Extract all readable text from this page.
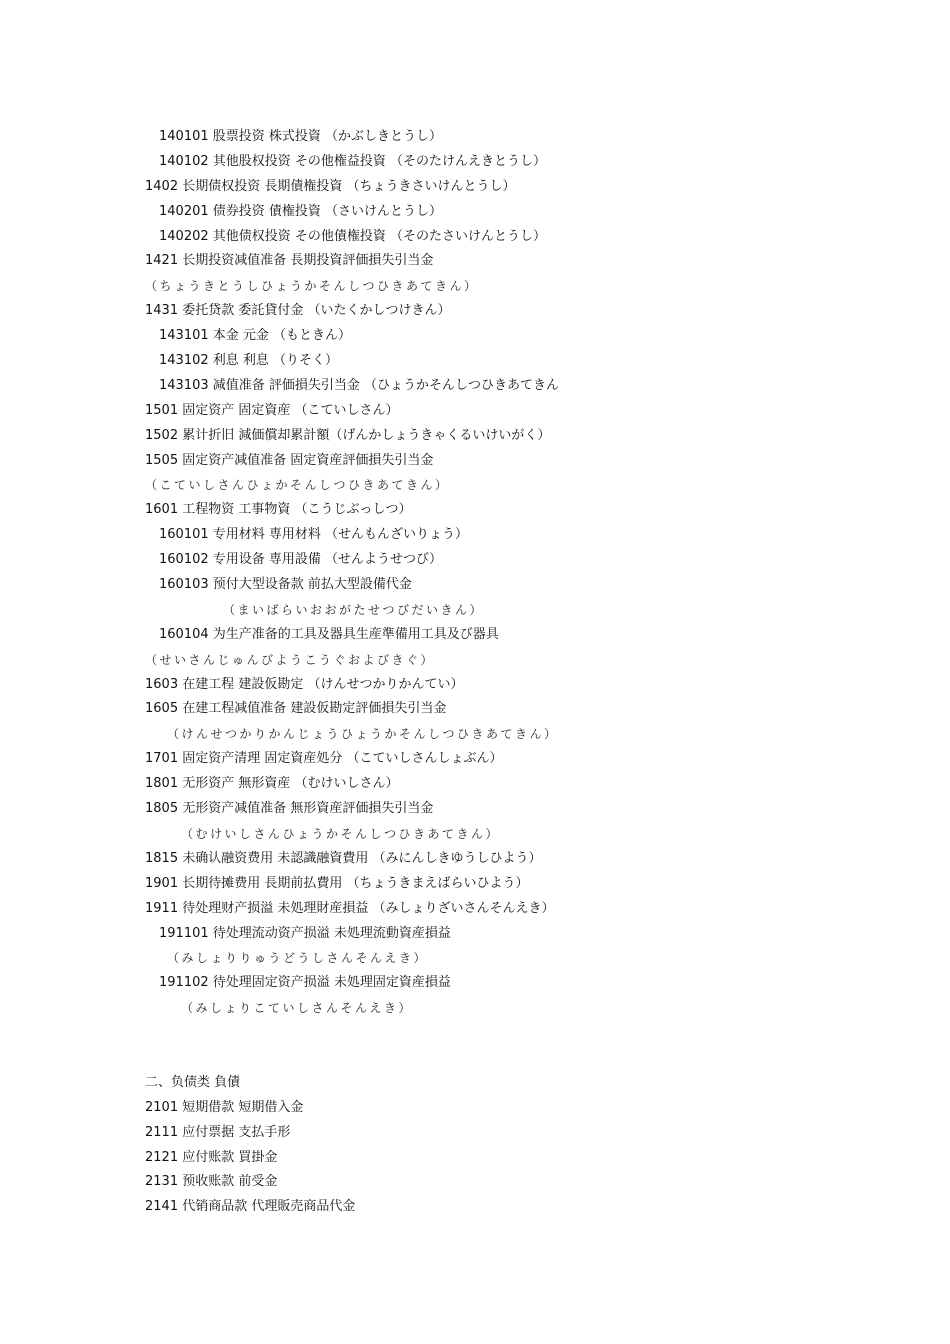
140101 股票投资 株式投資 （かぶしきとうし）
140102 其他股权投资 その他権益投資 （そのたけんえきとうし）
1402 长期债权投资 長期債権投資 （ちょうきさいけんとうし）
140201 债券投资 債権投資 （さいけんとうし）
140202 其他债权投资 その他債権投資 （そのたさいけんとうし）
1421 长期投资减值准备 長期投資評価損失引当金
（ちょうきとうしひょうかそんしつひきあてきん）
1431 委托贷款 委託貸付金 （いたくかしつけきん）
143101 本金 元金 （もときん）
143102 利息 利息 （りそく）
143103 减值准备 評価損失引当金 （ひょうかそんしつひきあてきん
1501 固定资产 固定資産 （こていしさん）
1502 累计折旧 減価償却累計額（げんかしょうきゃくるいけいがく）
1505 固定资产减值准备 固定資産評価損失引当金
（こていしさんひょかそんしつひきあてきん）
1601 工程物资 工事物資 （こうじぶっしつ）
160101 专用材料 専用材料 （せんもんざいりょう）
160102 专用设备 専用設備 （せんようせつび）
160103 预付大型设备款 前払大型設備代金
（まいばらいおおがたせつびだいきん）
160104 为生产准备的工具及器具生産準備用工具及び器具
（せいさんじゅんびようこうぐおよびきぐ）
1603 在建工程 建設仮勘定 （けんせつかりかんてい）
1605 在建工程减值准备 建設仮勘定評価損失引当金
（けんせつかりかんじょうひょうかそんしつひきあてきん）
1701 固定资产清理 固定資産処分 （こていしさんしょぶん）
1801 无形资产 無形資産 （むけいしさん）
1805 无形资产减值准备 無形資産評価損失引当金
（むけいしさんひょうかそんしつひきあてきん）
1815 未确认融资费用 未認識融資費用 （みにんしきゆうしひよう）
1901 长期待摊费用 長期前払費用 （ちょうきまえばらいひよう）
1911 待处理财产损溢 未処理財産損益 （みしょりざいさんそんえき）
191101 待处理流动资产损溢 未処理流動資産損益
（みしょりりゅうどうしさんそんえき）
191102 待处理固定资产损溢 未処理固定資産損益
（みしょりこていしさんそんえき）
二、负债类 負債
2101 短期借款 短期借入金
2111 应付票据 支払手形
2121 应付账款 買掛金
2131 预收账款 前受金
2141 代销商品款 代理販売商品代金
